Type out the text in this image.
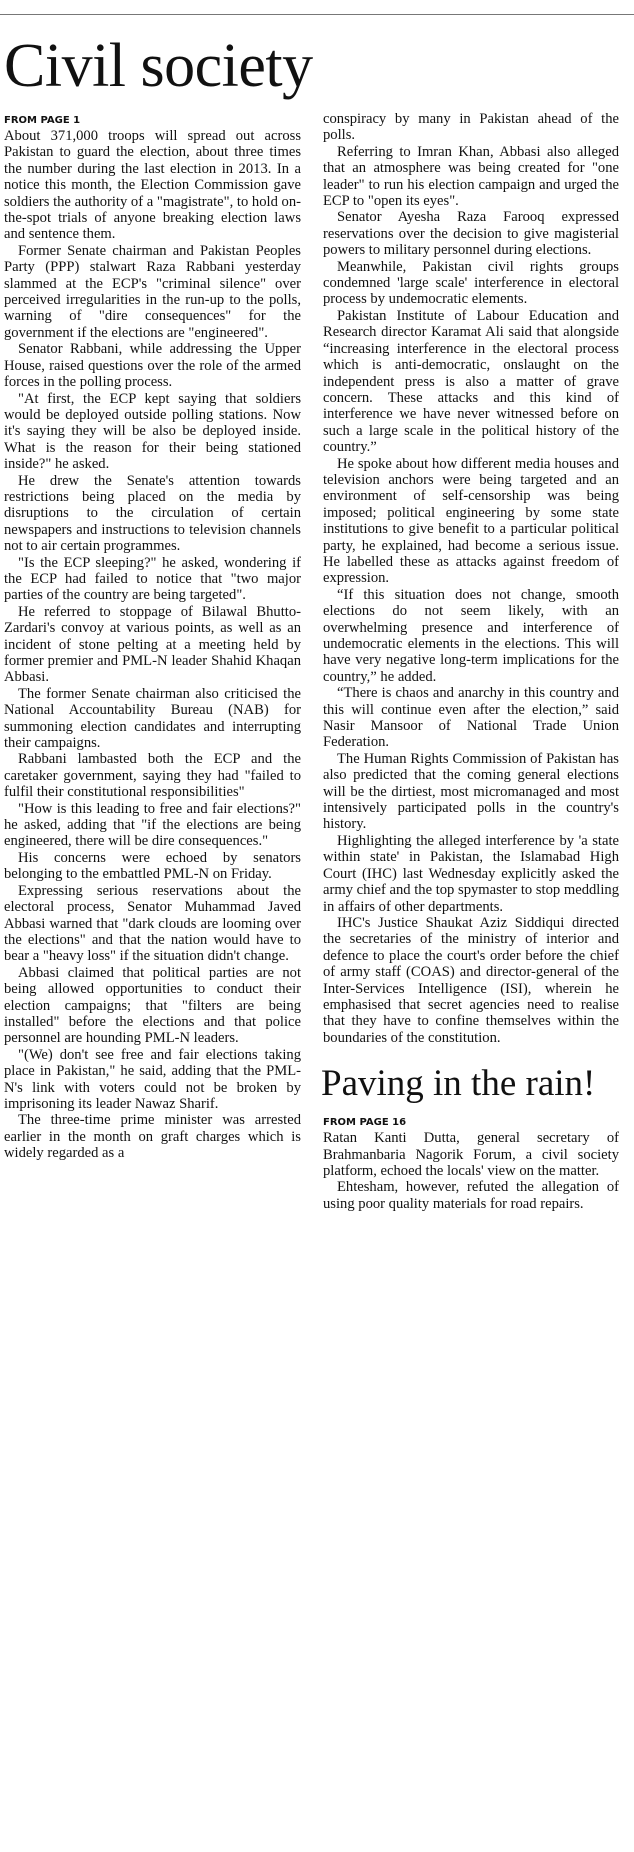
Civil society
FROM PAGE 1

About 371,000 troops will spread out across Pakistan to guard the election, about three times the number during the last election in 2013. In a notice this month, the Election Commission gave soldiers the authority of a "magistrate", to hold on-the-spot trials of anyone breaking election laws and sentence them.

Former Senate chairman and Pakistan Peoples Party (PPP) stalwart Raza Rabbani yesterday slammed at the ECP's "criminal silence" over perceived irregularities in the run-up to the polls, warning of "dire consequences" for the government if the elections are "engineered".

Senator Rabbani, while addressing the Upper House, raised questions over the role of the armed forces in the polling process.

"At first, the ECP kept saying that soldiers would be deployed outside polling stations. Now it's saying they will be also be deployed inside. What is the reason for their being stationed inside?" he asked.

He drew the Senate's attention towards restrictions being placed on the media by disruptions to the circulation of certain newspapers and instructions to television channels not to air certain programmes.

"Is the ECP sleeping?" he asked, wondering if the ECP had failed to notice that "two major parties of the country are being targeted".

He referred to stoppage of Bilawal Bhutto-Zardari's convoy at various points, as well as an incident of stone pelting at a meeting held by former premier and PML-N leader Shahid Khaqan Abbasi.

The former Senate chairman also criticised the National Accountability Bureau (NAB) for summoning election candidates and interrupting their campaigns.

Rabbani lambasted both the ECP and the caretaker government, saying they had "failed to fulfil their constitutional responsibilities"

"How is this leading to free and fair elections?" he asked, adding that "if the elections are being engineered, there will be dire consequences."

His concerns were echoed by senators belonging to the embattled PML-N on Friday.

Expressing serious reservations about the electoral process, Senator Muhammad Javed Abbasi warned that "dark clouds are looming over the elections" and that the nation would have to bear a "heavy loss" if the situation didn't change.

Abbasi claimed that political parties are not being allowed opportunities to conduct their election campaigns; that "filters are being installed" before the elections and that police personnel are hounding PML-N leaders.

"(We) don't see free and fair elections taking place in Pakistan," he said, adding that the PML-N's link with voters could not be broken by imprisoning its leader Nawaz Sharif.

The three-time prime minister was arrested earlier in the month on graft charges which is widely regarded as a

conspiracy by many in Pakistan ahead of the polls.

Referring to Imran Khan, Abbasi also alleged that an atmosphere was being created for "one leader" to run his election campaign and urged the ECP to "open its eyes".

Senator Ayesha Raza Farooq expressed reservations over the decision to give magisterial powers to military personnel during elections.

Meanwhile, Pakistan civil rights groups condemned 'large scale' interference in electoral process by undemocratic elements.

Pakistan Institute of Labour Education and Research director Karamat Ali said that alongside “increasing interference in the electoral process which is anti-democratic, onslaught on the independent press is also a matter of grave concern. These attacks and this kind of interference we have never witnessed before on such a large scale in the political history of the country.”

He spoke about how different media houses and television anchors were being targeted and an environment of self-censorship was being imposed; political engineering by some state institutions to give benefit to a particular political party, he explained, had become a serious issue. He labelled these as attacks against freedom of expression.

“If this situation does not change, smooth elections do not seem likely, with an overwhelming presence and interference of undemocratic elements in the elections. This will have very negative long-term implications for the country,” he added.

“There is chaos and anarchy in this country and this will continue even after the election,” said Nasir Mansoor of National Trade Union Federation.

The Human Rights Commission of Pakistan has also predicted that the coming general elections will be the dirtiest, most micromanaged and most intensively participated polls in the country's history.

Highlighting the alleged interference by 'a state within state' in Pakistan, the Islamabad High Court (IHC) last Wednesday explicitly asked the army chief and the top spymaster to stop meddling in affairs of other departments.

IHC's Justice Shaukat Aziz Siddiqui directed the secretaries of the ministry of interior and defence to place the court's order before the chief of army staff (COAS) and director-general of the Inter-Services Intelligence (ISI), wherein he emphasised that secret agencies need to realise that they have to confine themselves within the boundaries of the constitution.

Paving in the rain!
FROM PAGE 16

Ratan Kanti Dutta, general secretary of Brahmanbaria Nagorik Forum, a civil society platform, echoed the locals' view on the matter.

Ehtesham, however, refuted the allegation of using poor quality materials for road repairs.
